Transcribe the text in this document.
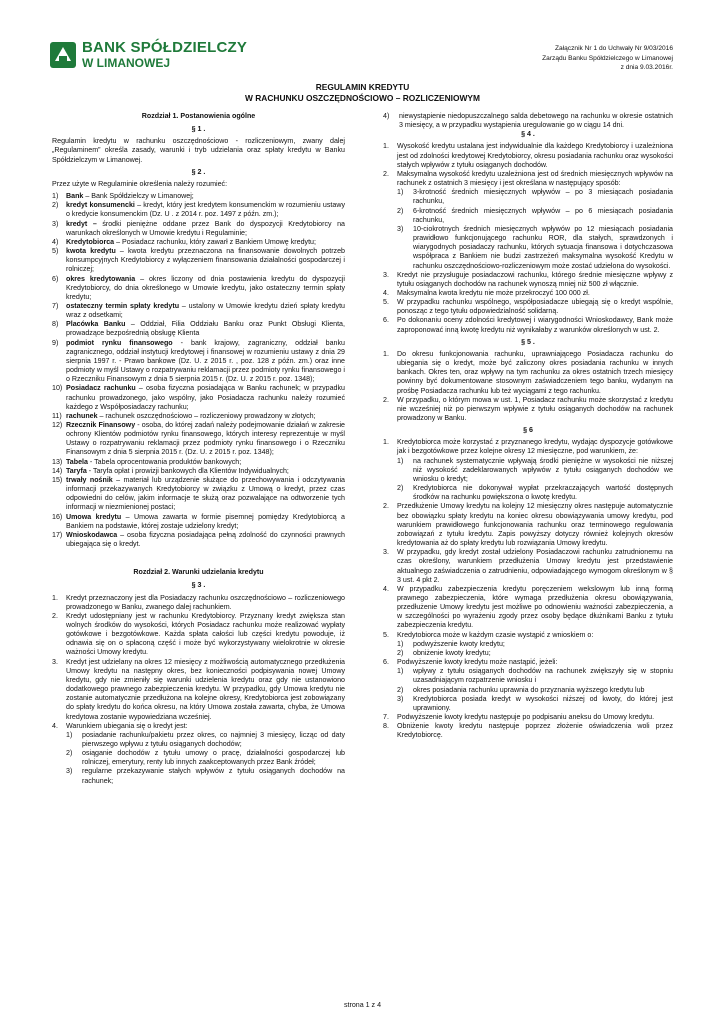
BANK SPÓŁDZIELCZY
W LIMANOWEJ
Załącznik Nr 1 do Uchwały Nr 9/03/2016
Zarządu Banku Spółdzielczego w Limanowej
z dnia 9.03.2016r.
REGULAMIN KREDYTU
W RACHUNKU OSZCZĘDNOŚCIOWO – ROZLICZENIOWYM
Rozdział 1. Postanowienia ogólne
§ 1 .
Regulamin kredytu w rachunku oszczędnościowo - rozliczeniowym, zwany dalej „Regulaminem” określa zasady, warunki i tryb udzielania oraz spłaty kredytu w Banku Spółdzielczym w Limanowej.
§ 2 .
Przez użyte w Regulaminie określenia należy rozumieć:
1) Bank – Bank Spółdzielczy w Limanowej;
2) kredyt konsumencki – kredyt, który jest kredytem konsumenckim w rozumieniu ustawy o kredycie konsumenckim (Dz. U . z 2014 r. poz. 1497 z późn. zm.);
3) kredyt – środki pieniężne oddane przez Bank do dyspozycji Kredytobiorcy na warunkach określonych w Umowie kredytu i Regulaminie;
4) Kredytobiorca – Posiadacz rachunku, który zawarł z Bankiem Umowę kredytu;
5) kwota kredytu – kwota kredytu przeznaczona na finansowanie dowolnych potrzeb konsumpcyjnych Kredytobiorcy z wyłączeniem finansowania działalności gospodarczej i rolniczej;
6) okres kredytowania – okres liczony od dnia postawienia kredytu do dyspozycji Kredytobiorcy, do dnia określonego w Umowie kredytu, jako ostateczny termin spłaty kredytu;
7) ostateczny termin spłaty kredytu – ustalony w Umowie kredytu dzień spłaty kredytu wraz z odsetkami;
8) Placówka Banku – Oddział, Filia Oddziału Banku oraz Punkt Obsługi Klienta, prowadzące bezpośrednią obsługę Klienta
9) podmiot rynku finansowego - bank krajowy, zagraniczny, oddział banku zagranicznego, oddział instytucji kredytowej i finansowej w rozumieniu ustawy z dnia 29 sierpnia 1997 r. - Prawo bankowe (Dz. U. z 2015 r. , poz. 128 z późn. zm.) oraz inne podmioty w myśl Ustawy o rozpatrywaniu reklamacji przez podmioty rynku finansowego i o Rzeczniku Finansowym z dnia 5 sierpnia 2015 r. (Dz. U. z 2015 r. poz. 1348);
10) Posiadacz rachunku – osoba fizyczna posiadająca w Banku rachunek; w przypadku rachunku prowadzonego, jako wspólny, jako Posiadacza rachunku należy rozumieć każdego z Współposiadaczy rachunku;
11) rachunek – rachunek oszczędnościowo – rozliczeniowy prowadzony w złotych;
12) Rzecznik Finansowy - osoba, do której zadań należy podejmowanie działań w zakresie ochrony Klientów podmiotów rynku finansowego, których interesy reprezentuje w myśl Ustawy o rozpatrywaniu reklamacji przez podmioty rynku finansowego i o Rzeczniku Finansowym z dnia 5 sierpnia 2015 r. (Dz. U. z 2015 r. poz. 1348);
13) Tabela - Tabela oprocentowania produktów bankowych;
14) Taryfa - Taryfa opłat i prowizji bankowych dla Klientów Indywidualnych;
15) trwały nośnik – materiał lub urządzenie służące do przechowywania i odczytywania informacji przekazywanych Kredytobiorcy w związku z Umową o kredyt, przez czas odpowiedni do celów, jakim informacje te służą oraz pozwalające na odtworzenie tych informacji w niezmienionej postaci;
16) Umowa kredytu – Umowa zawarta w formie pisemnej pomiędzy Kredytobiorcą a Bankiem na podstawie, której zostaje udzielony kredyt;
17) Wnioskodawca – osoba fizyczna posiadająca pełną zdolność do czynności prawnych ubiegająca się o kredyt.
Rozdział 2. Warunki udzielania kredytu
§ 3 .
1. Kredyt przeznaczony jest dla Posiadaczy rachunku oszczędnościowo – rozliczeniowego prowadzonego w Banku, zwanego dalej rachunkiem.
2. Kredyt udostępniany jest w rachunku Kredytobiorcy. Przyznany kredyt zwiększa stan wolnych środków do wysokości, których Posiadacz rachunku może realizować wypłaty gotówkowe i bezgotówkowe. Każda spłata całości lub części kredytu powoduje, iż odnawia się on o spłaconą część i może być wykorzystywany wielokrotnie w okresie ważności Umowy kredytu.
3. Kredyt jest udzielany na okres 12 miesięcy z możliwością automatycznego przedłużenia Umowy kredytu na następny okres, bez konieczności podpisywania nowej Umowy kredytu, gdy nie zmieniły się warunki udzielenia kredytu oraz gdy nie ustanowiono dodatkowego prawnego zabezpieczenia kredytu. W przypadku, gdy Umowa kredytu nie zostanie automatycznie przedłużona na kolejne okresy, Kredytobiorca jest zobowiązany do spłaty kredytu do końca okresu, na który Umowa została zawarta, chyba, że Umowa kredytowa zostanie wypowiedziana wcześniej.
4. Warunkiem ubiegania się o kredyt jest:
1) posiadanie rachunku/pakietu przez okres, co najmniej 3 miesięcy, licząc od daty pierwszego wpływu z tytułu osiąganych dochodów;
2) osiąganie dochodów z tytułu umowy o pracę, działalności gospodarczej lub rolniczej, emerytury, renty lub innych zaakceptowanych przez Bank źródeł;
3) regularne przekazywanie stałych wpływów z tytułu osiąganych dochodów na rachunek;
4) niewystąpienie niedopuszczalnego salda debetowego na rachunku w okresie ostatnich 3 miesięcy, a w przypadku wystąpienia uregulowanie go w ciągu 14 dni.
§ 4 .
1. Wysokość kredytu ustalana jest indywidualnie dla każdego Kredytobiorcy i uzależniona jest od zdolności kredytowej Kredytobiorcy, okresu posiadania rachunku oraz wysokości stałych wpływów z tytułu osiąganych dochodów.
2. Maksymalna wysokość kredytu uzależniona jest od średnich miesięcznych wpływów na rachunek z ostatnich 3 miesięcy i jest określana w następujący sposób:
1) 3-krotność średnich miesięcznych wpływów – po 3 miesiącach posiadania rachunku,
2) 6-krotność średnich miesięcznych wpływów – po 6 miesiącach posiadania rachunku,
3) 10-ciokrotnych średnich miesięcznych wpływów po 12 miesiącach posiadania prawidłowo funkcjonującego rachunku ROR, dla stałych, sprawdzonych i wiarygodnych posiadaczy rachunku, których sytuacja finansowa i dotychczasowa współpraca z Bankiem nie budzi zastrzeżeń maksymalna wysokość Kredytu w rachunku oszczędnościowo-rozliczeniowym może zostać udzielona do wysokości.
3. Kredyt nie przysługuje posiadaczowi rachunku, którego średnie miesięczne wpływy z tytułu osiąganych dochodów na rachunek wynoszą mniej niż 500 zł włącznie.
4. Maksymalna kwota kredytu nie może przekroczyć 100 000 zł.
5. W przypadku rachunku wspólnego, współposiadacze ubiegają się o kredyt wspólnie, ponosząc z tego tytułu odpowiedzialność solidarną.
6. Po dokonaniu oceny zdolności kredytowej i wiarygodności Wnioskodawcy, Bank może zaproponować inną kwotę kredytu niż wynikałaby z warunków określonych w ust. 2.
§ 5 .
1. Do okresu funkcjonowania rachunku, uprawniającego Posiadacza rachunku do ubiegania się o kredyt, może być zaliczony okres posiadania rachunku w innych bankach. Okres ten, oraz wpływy na tym rachunku za okres ostatnich trzech miesięcy powinny być dokumentowane stosownym zaświadczeniem tego banku, wydanym na prośbę Posiadacza rachunku lub też wyciągami z tego rachunku.
2. W przypadku, o którym mowa w ust. 1, Posiadacz rachunku może skorzystać z kredytu nie wcześniej niż po pierwszym wpływie z tytułu osiąganych dochodów na rachunek prowadzony w Banku.
§ 6
1. Kredytobiorca może korzystać z przyznanego kredytu, wydając dyspozycje gotówkowe jak i bezgotówkowe przez kolejne okresy 12 miesięczne, pod warunkiem, że:
1) na rachunek systematycznie wpływają środki pieniężne w wysokości nie niższej niż wysokość zadeklarowanych wpływów z tytułu osiąganych dochodów we wniosku o kredyt;
2) Kredytobiorca nie dokonywał wypłat przekraczających wartość dostępnych środków na rachunku powiększona o kwotę kredytu.
2. Przedłużenie Umowy kredytu na kolejny 12 miesięczny okres następuje automatycznie bez obowiązku spłaty kredytu na koniec okresu obowiązywania umowy kredytu, pod warunkiem prawidłowego funkcjonowania rachunku oraz terminowego regulowania zobowiązań z tytułu kredytu. Zapis powyższy dotyczy również kolejnych okresów kredytowania aż do spłaty kredytu lub rozwiązania Umowy kredytu.
3. W przypadku, gdy kredyt został udzielony Posiadaczowi rachunku zatrudnionemu na czas określony, warunkiem przedłużenia Umowy kredytu jest przedstawienie aktualnego zaświadczenia o zatrudnieniu, odpowiadającego wymogom określonym w § 3 ust. 4 pkt 2.
4. W przypadku zabezpieczenia kredytu poręczeniem wekslowym lub inną formą prawnego zabezpieczenia, które wymaga przedłużenia okresu obowiązywania, przedłużenie Umowy kredytu jest możliwe po odnowieniu ważności zabezpieczenia, a w szczególności po wyrażeniu zgody przez osoby będące dłużnikami Banku z tytułu zabezpieczenia kredytu.
5. Kredytobiorca może w każdym czasie wystąpić z wnioskiem o:
1) podwyższenie kwoty kredytu;
2) obniżenie kwoty kredytu;
6. Podwyższenie kwoty kredytu może nastąpić, jeżeli:
1) wpływy z tytułu osiąganych dochodów na rachunek zwiększyły się w stopniu uzasadniającym rozpatrzenie wniosku i
2) okres posiadania rachunku uprawnia do przyznania wyższego kredytu lub
3) Kredytobiorca posiada kredyt w wysokości niższej od kwoty, do której jest uprawniony.
7. Podwyższenie kwoty kredytu następuje po podpisaniu aneksu do Umowy kredytu.
8. Obniżenie kwoty kredytu następuje poprzez złożenie oświadczenia woli przez Kredytobiorcę.
strona 1 z 4
